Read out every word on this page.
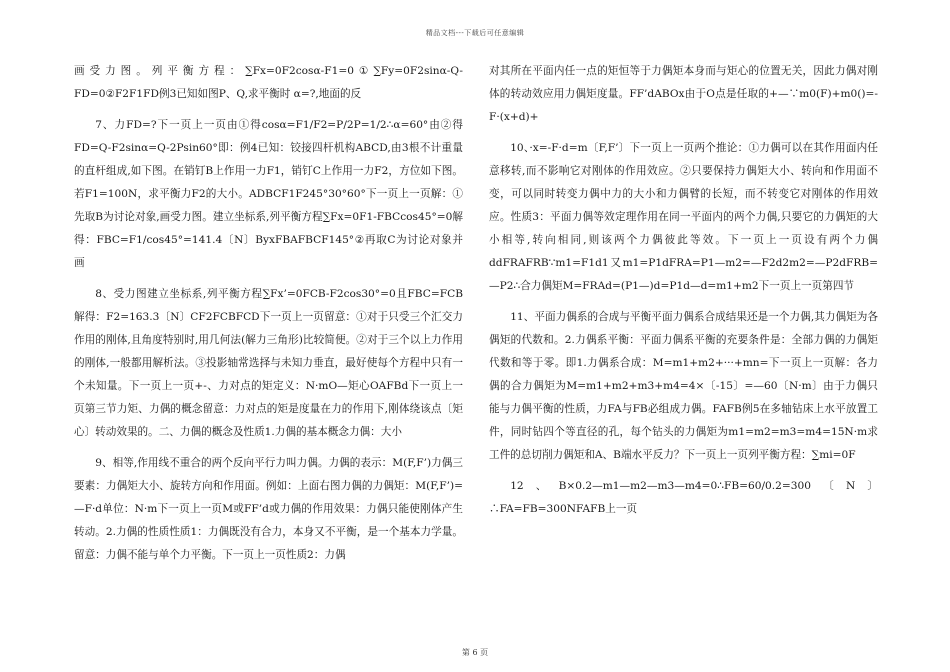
精品文档---下载后可任意编辑

画受力图。列平衡方程：∑Fx=0F2cosα-F1=0①∑Fy=0F2sinα-Q-FD=0②F2F1FD例3已知如图P、Q,求平衡时 α=?,地面的反

7、力FD=?下一页上一页由①得cosα=F1/F2=P/2P=1/2∴α=60°由②得FD=Q-F2sinα=Q-2Psin60°即：例4已知：铰接四杆机构ABCD,由3根不计重量的直杆组成,如下图。在销钉B上作用一力F1，销钉C上作用一力F2，方位如下图。若F1=100N，求平衡力F2的大小。ADBCF1F245°30°60°下一页上一页解：①先取B为讨论对象,画受力图。建立坐标系,列平衡方程∑Fx=0F1-FBCcos45°=0解得：FBC=F1/cos45°=141.4〔N〕ByxFBAFBCF145°②再取C为讨论对象并画

8、受力图建立坐标系,列平衡方程∑Fx’=0FCB-F2cos30°=0且FBC=FCB解得：F2=163.3〔N〕CF2FCBFCD下一页上一页留意：①对于只受三个汇交力作用的刚体,且角度特别时,用几何法(解力三角形)比较简便。②对于三个以上力作用的刚体,一般都用解析法。③投影轴常选择与未知力垂直，最好使每个方程中只有一个未知量。下一页上一页+-、力对点的矩定义：N·mO—矩心OAFBd下一页上一页第三节力矩、力偶的概念留意：力对点的矩是度量在力的作用下,刚体绕该点〔矩心〕转动效果的。二、力偶的概念及性质1.力偶的基本概念力偶：大小

9、相等,作用线不重合的两个反向平行力叫力偶。力偶的表示：M(F,F’)力偶三要素：力偶矩大小、旋转方向和作用面。例如：上面右图力偶的力偶矩：M(F,F’)=—F·d单位：N·m下一页上一页M或FF’d或力偶的作用效果：力偶只能使刚体产生转动。2.力偶的性质性质1：力偶既没有合力，本身又不平衡，是一个基本力学量。留意：力偶不能与单个力平衡。下一页上一页性质2：力偶

对其所在平面内任一点的矩恒等于力偶矩本身而与矩心的位置无关，因此力偶对刚体的转动效应用力偶矩度量。FF’dABOx由于O点是任取的+—∵m0(F)+m0()=-F·(x+d)+

10、·x=-F·d=m〔F,F’〕下一页上一页两个推论：①力偶可以在其作用面内任意移转,而不影响它对刚体的作用效应。②只要保持力偶矩大小、转向和作用面不变，可以同时转变力偶中力的大小和力偶臂的长短，而不转变它对刚体的作用效应。性质3：平面力偶等效定理作用在同一平面内的两个力偶,只要它的力偶矩的大小相等,转向相同,则该两个力偶彼此等效。下一页上一页设有两个力偶ddFRAFRB∵m1=F1d1又m1=P1dFRA=P1—m2=—F2d2m2=—P2dFRB=—P2∴合力偶矩M=FRAd=(P1—)d=P1d—d=m1+m2下一页上一页第四节

11、平面力偶系的合成与平衡平面力偶系合成结果还是一个力偶,其力偶矩为各偶矩的代数和。2.力偶系平衡：平面力偶系平衡的充要条件是：全部力偶的力偶矩代数和等于零。即1.力偶系合成：M=m1+m2+···+mn=下一页上一页解：各力偶的合力偶矩为M=m1+m2+m3+m4=4×〔-15〕=—60〔N·m〕由于力偶只能与力偶平衡的性质，力FA与FB必组成力偶。FAFB例5在多轴钻床上水平放置工件，同时钻四个等直径的孔，每个钻头的力偶矩为m1=m2=m3=m4=15N·m求工件的总切削力偶矩和A、B端水平反力？下一页上一页列平衡方程：∑mi=0F

12、B×0.2—m1—m2—m3—m4=0∴FB=60/0.2=300〔N〕∴FA=FB=300NFAFB上一页

第 6 页
